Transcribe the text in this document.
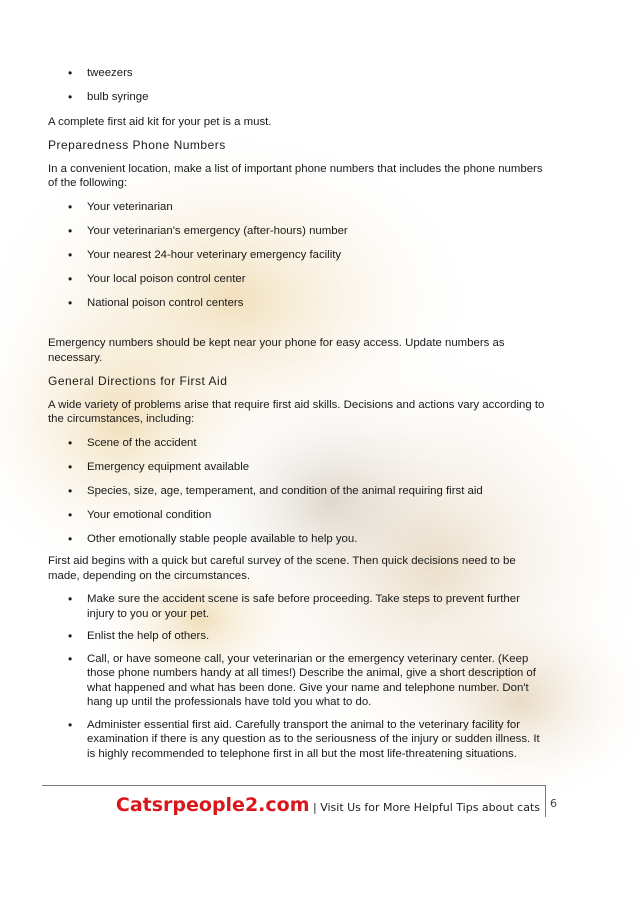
• tweezers
• bulb syringe

A complete first aid kit for your pet is a must.

Preparedness Phone Numbers

In a convenient location, make a list of important phone numbers that includes the phone numbers of the following:

• Your veterinarian
• Your veterinarian's emergency (after-hours) number
• Your nearest 24-hour veterinary emergency facility
• Your local poison control center
• National poison control centers

Emergency numbers should be kept near your phone for easy access. Update numbers as necessary.

General Directions for First Aid

A wide variety of problems arise that require first aid skills. Decisions and actions vary according to the circumstances, including:

• Scene of the accident
• Emergency equipment available
• Species, size, age, temperament, and condition of the animal requiring first aid
• Your emotional condition
• Other emotionally stable people available to help you.

First aid begins with a quick but careful survey of the scene. Then quick decisions need to be made, depending on the circumstances.

• Make sure the accident scene is safe before proceeding. Take steps to prevent further injury to you or your pet.
• Enlist the help of others.
• Call, or have someone call, your veterinarian or the emergency veterinary center. (Keep those phone numbers handy at all times!) Describe the animal, give a short description of what happened and what has been done. Give your name and telephone number. Don't hang up until the professionals have told you what to do.
• Administer essential first aid. Carefully transport the animal to the veterinary facility for examination if there is any question as to the seriousness of the injury or sudden illness. It is highly recommended to telephone first in all but the most life-threatening situations.
Catsrpeople2.com | Visit Us for More Helpful Tips about cats 6
